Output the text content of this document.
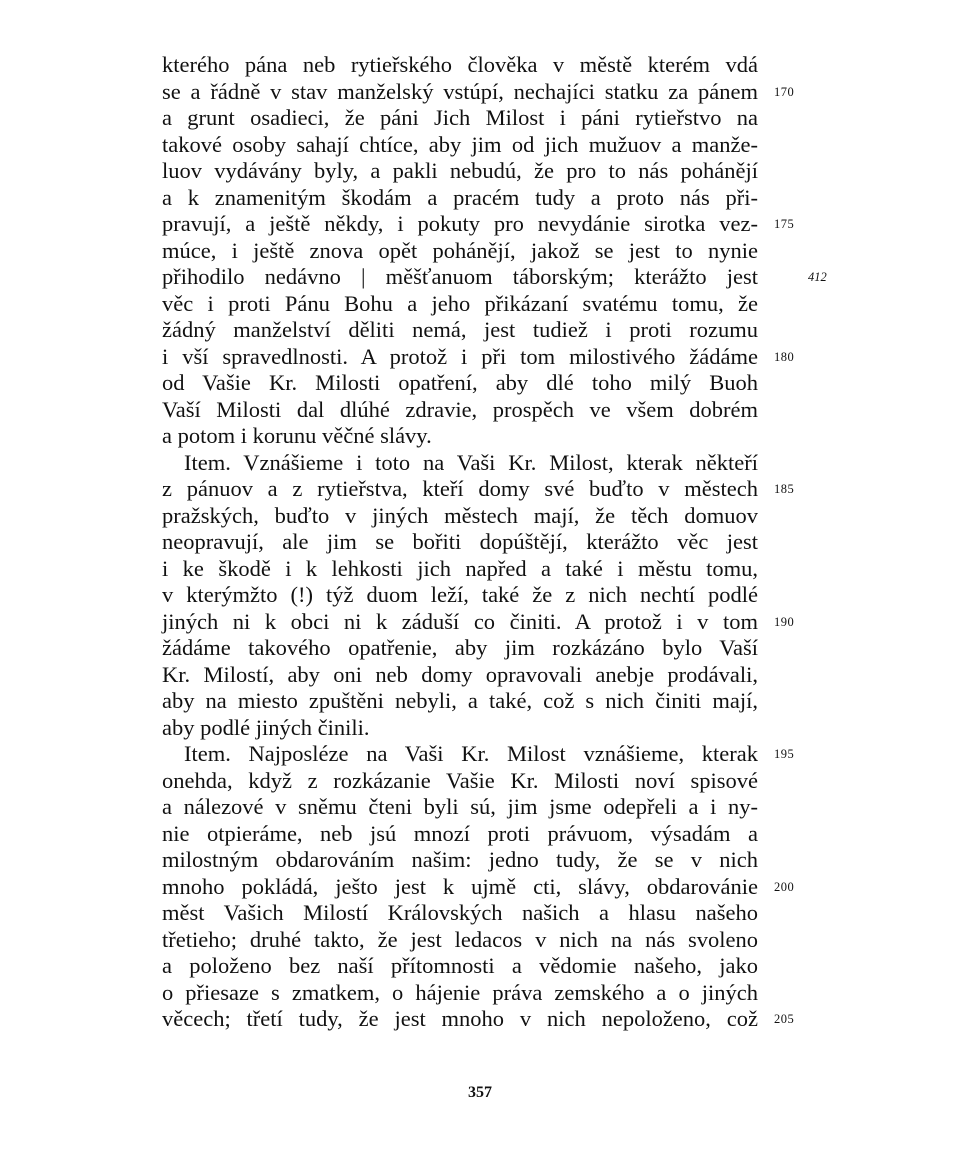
kterého pána neb rytieřského člověka v městě kterém vdá
se a řádně v stav manželský vstúpí, nechajíci statku za pánem 170
a grunt osadieci, že páni Jich Milost i páni rytieřstvo na
takové osoby sahají chtíce, aby jim od jich mužuov a manže-
luov vydávány byly, a pakli nebudú, že pro to nás pohánějí
a k znamenitým škodám a pracém tudy a proto nás při-
pravují, a ještě někdy, i pokuty pro nevydánie sirotka vez- 175
múce, i ještě znova opět pohánějí, jakož se jest to nynie
přihodilo nedávno | měšťanuom táborským; kterážto jest	412
věc i proti Pánu Bohu a jeho přikázaní svatému tomu, že
žádný manželství děliti nemá, jest tudiež i proti rozumu
i vší spravedlnosti. A protož i při tom milostivého žádáme 180
od Vašie Kr. Milosti opatření, aby dlé toho milý Buoh
Vaší Milosti dal dlúhé zdravie, prospěch ve všem dobrém
a potom i korunu věčné slávy.
Item. Vznášieme i toto na Vaši Kr. Milost, kterak někteří
z pánuov a z rytieřstva, kteří domy své buďto v městech 185
pražských, buďto v jiných městech mají, že těch domuov
neopravují, ale jim se bořiti dopúštějí, kterážto věc jest
i ke škodě i k lehkosti jich napřed a také i městu tomu,
v kterýmžto (!) týž duom leží, také že z nich nechtí podlé
jiných ni k obci ni k záduší co činiti. A protož i v tom 190
žádáme takového opatřenie, aby jim rozkázáno bylo Vaší
Kr. Milostí, aby oni neb domy opravovali anebje prodávali,
aby na miesto zpuštěni nebyli, a také, což s nich činiti mají,
aby podlé jiných činili.
Item. Najposléze na Vaši Kr. Milost vznášieme, kterak 195
onehda, když z rozkázanie Vašie Kr. Milosti noví spisové
a nálezové v sněmu čteni byli sú, jim jsme odepřeli a i ny-
nie otpieráme, neb jsú mnozí proti právuom, výsadám a
milostným obdarováním našim: jedno tudy, že se v nich
mnoho pokládá, ješto jest k ujmě cti, slávy, obdarovánie 200
měst Vašich Milostí Královských našich a hlasu našeho
třetieho; druhé takto, že jest ledacos v nich na nás svoleno
a položeno bez naší přítomnosti a vědomie našeho, jako
o přiesaze s zmatkem, o hájenie práva zemského a o jiných
věcech; třetí tudy, že jest mnoho v nich nepoloženo, což 205
357
